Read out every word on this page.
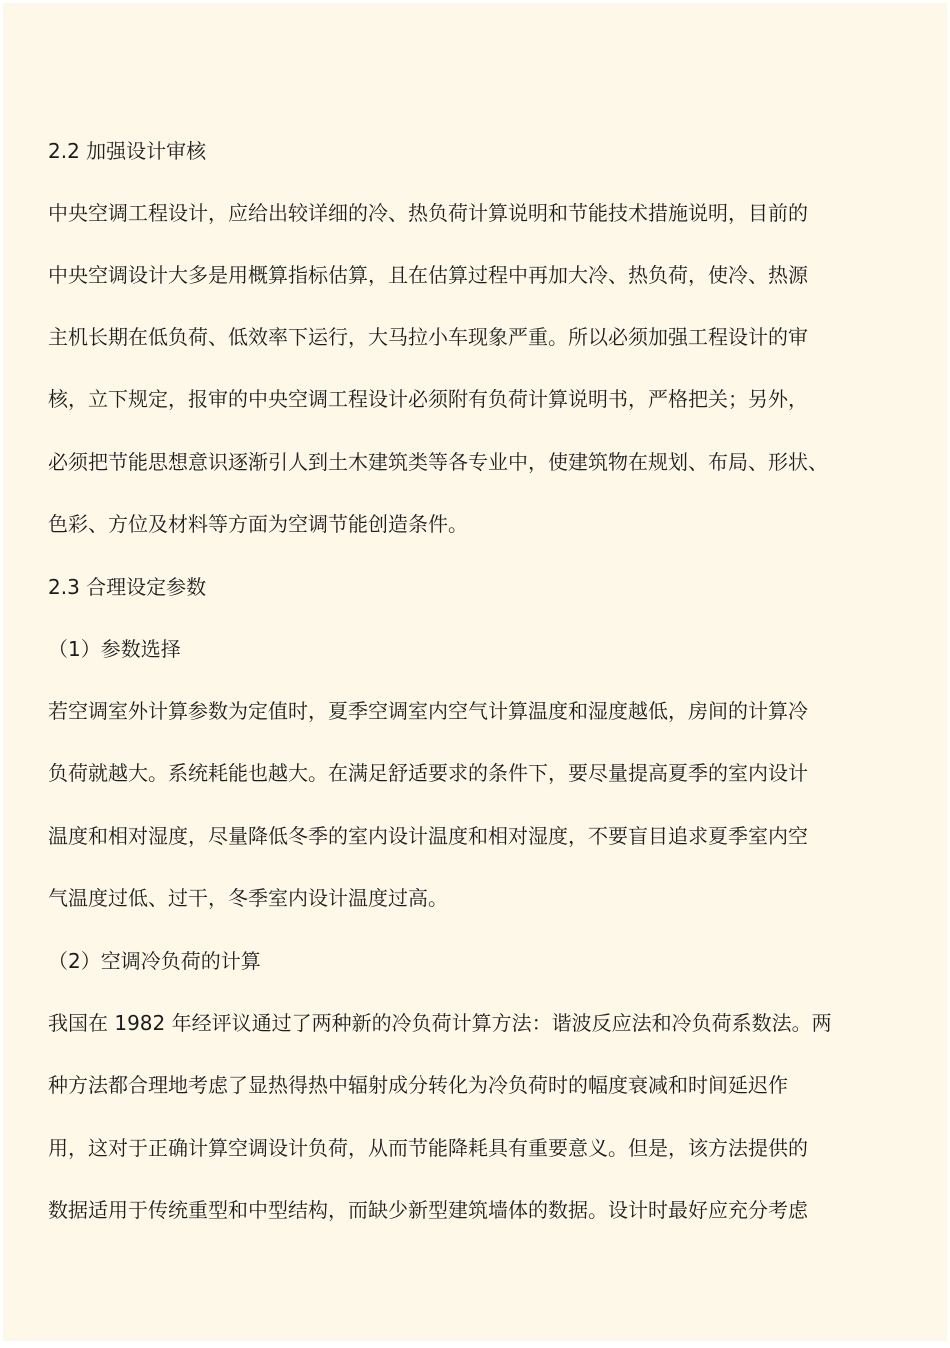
2.2 加强设计审核
中央空调工程设计，应给出较详细的冷、热负荷计算说明和节能技术措施说明，目前的
中央空调设计大多是用概算指标估算，且在估算过程中再加大冷、热负荷，使冷、热源
主机长期在低负荷、低效率下运行，大马拉小车现象严重。所以必须加强工程设计的审
核，立下规定，报审的中央空调工程设计必须附有负荷计算说明书，严格把关；另外，
必须把节能思想意识逐渐引人到土木建筑类等各专业中，使建筑物在规划、布局、形状、
色彩、方位及材料等方面为空调节能创造条件。
2.3 合理设定参数
（1）参数选择
若空调室外计算参数为定值时，夏季空调室内空气计算温度和湿度越低，房间的计算冷
负荷就越大。系统耗能也越大。在满足舒适要求的条件下，要尽量提高夏季的室内设计
温度和相对湿度，尽量降低冬季的室内设计温度和相对湿度，不要盲目追求夏季室内空
气温度过低、过干，冬季室内设计温度过高。
（2）空调冷负荷的计算
我国在 1982 年经评议通过了两种新的冷负荷计算方法：谐波反应法和冷负荷系数法。两
种方法都合理地考虑了显热得热中辐射成分转化为冷负荷时的幅度衰减和时间延迟作
用，这对于正确计算空调设计负荷，从而节能降耗具有重要意义。但是，该方法提供的
数据适用于传统重型和中型结构，而缺少新型建筑墙体的数据。设计时最好应充分考虑
